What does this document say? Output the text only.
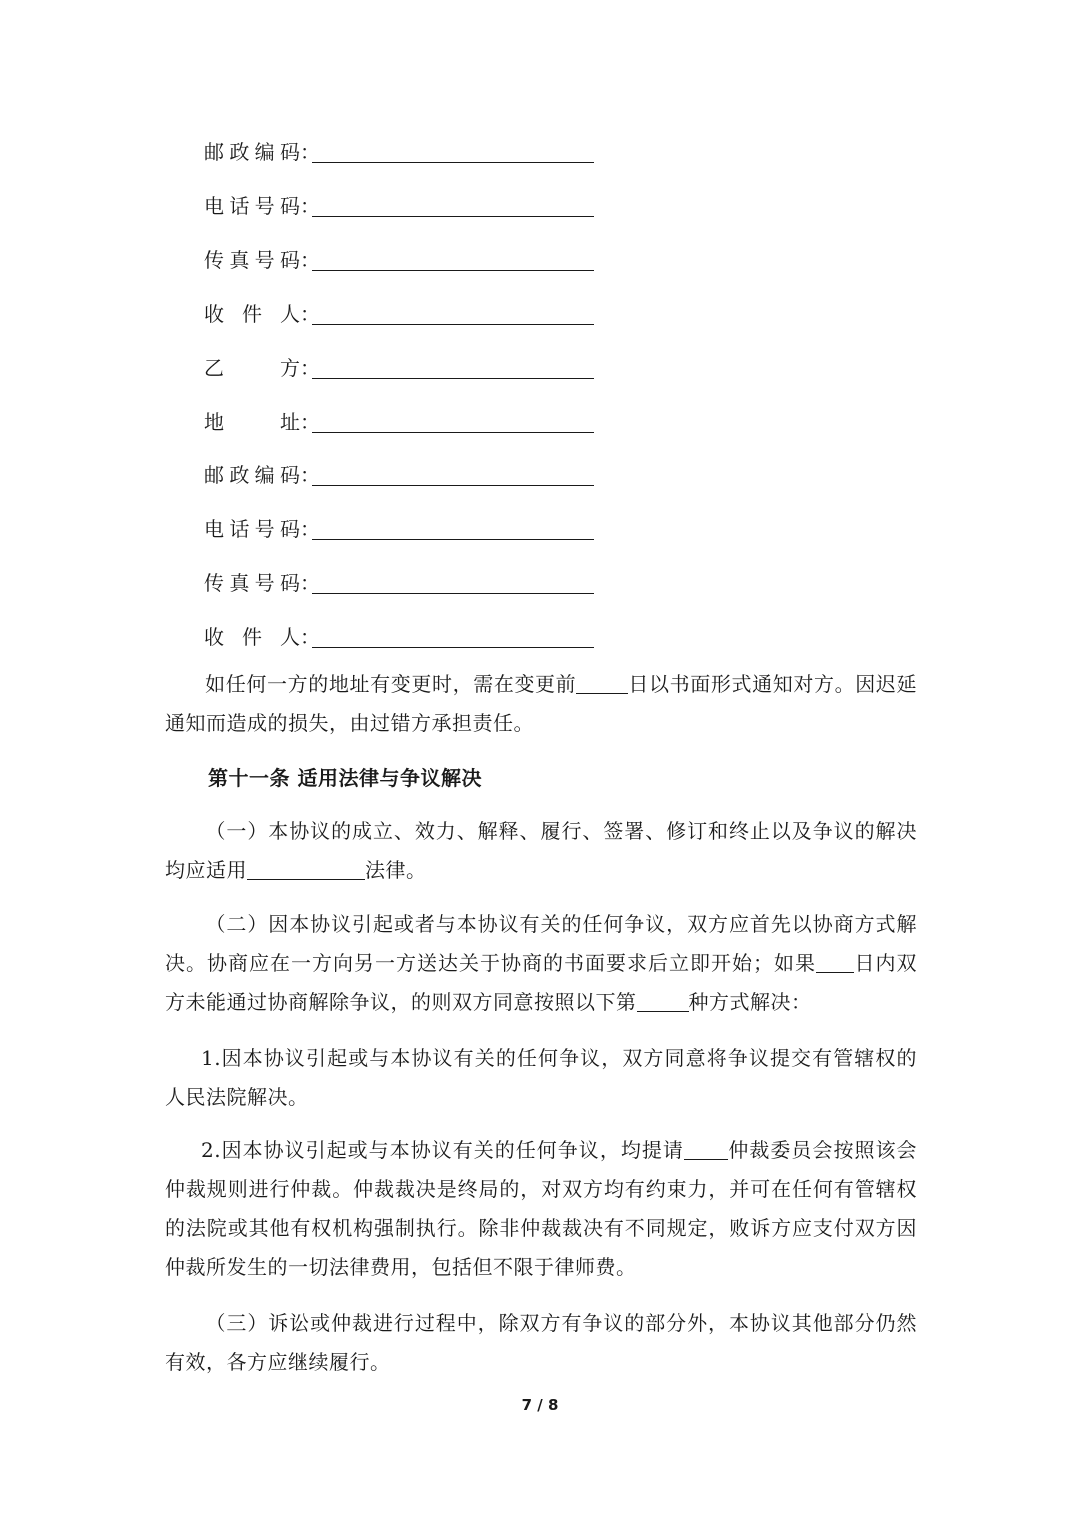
邮政编码 ：
电话号码 ：
传真号码 ：
收件人 ：
乙方 ：
地址 ：
邮政编码 ：
电话号码 ：
传真号码 ：
收件人 ：
如任何一方的地址有变更时，需在变更前	日以书面形式通知对方。因迟延通知而造成的损失，由过错方承担责任。
第十一条 适用法律与争议解决
（一）本协议的成立、效力、解释、履行、签署、修订和终止以及争议的解决均应适用	法律。
（二）因本协议引起或者与本协议有关的任何争议，双方应首先以协商方式解决。协商应在一方向另一方送达关于协商的书面要求后立即开始；如果 日内双方未能通过协商解除争议，的则双方同意按照以下第	种方式解决：
1.因本协议引起或与本协议有关的任何争议，双方同意将争议提交有管辖权的人民法院解决。
2.因本协议引起或与本协议有关的任何争议，均提请 仲裁委员会按照该会仲裁规则进行仲裁。仲裁裁决是终局的，对双方均有约束力，并可在任何有管辖权的法院或其他有权机构强制执行。除非仲裁裁决有不同规定，败诉方应支付双方因仲裁所发生的一切法律费用，包括但不限于律师费。
（三）诉讼或仲裁进行过程中，除双方有争议的部分外，本协议其他部分仍然有效，各方应继续履行。
7 / 8
